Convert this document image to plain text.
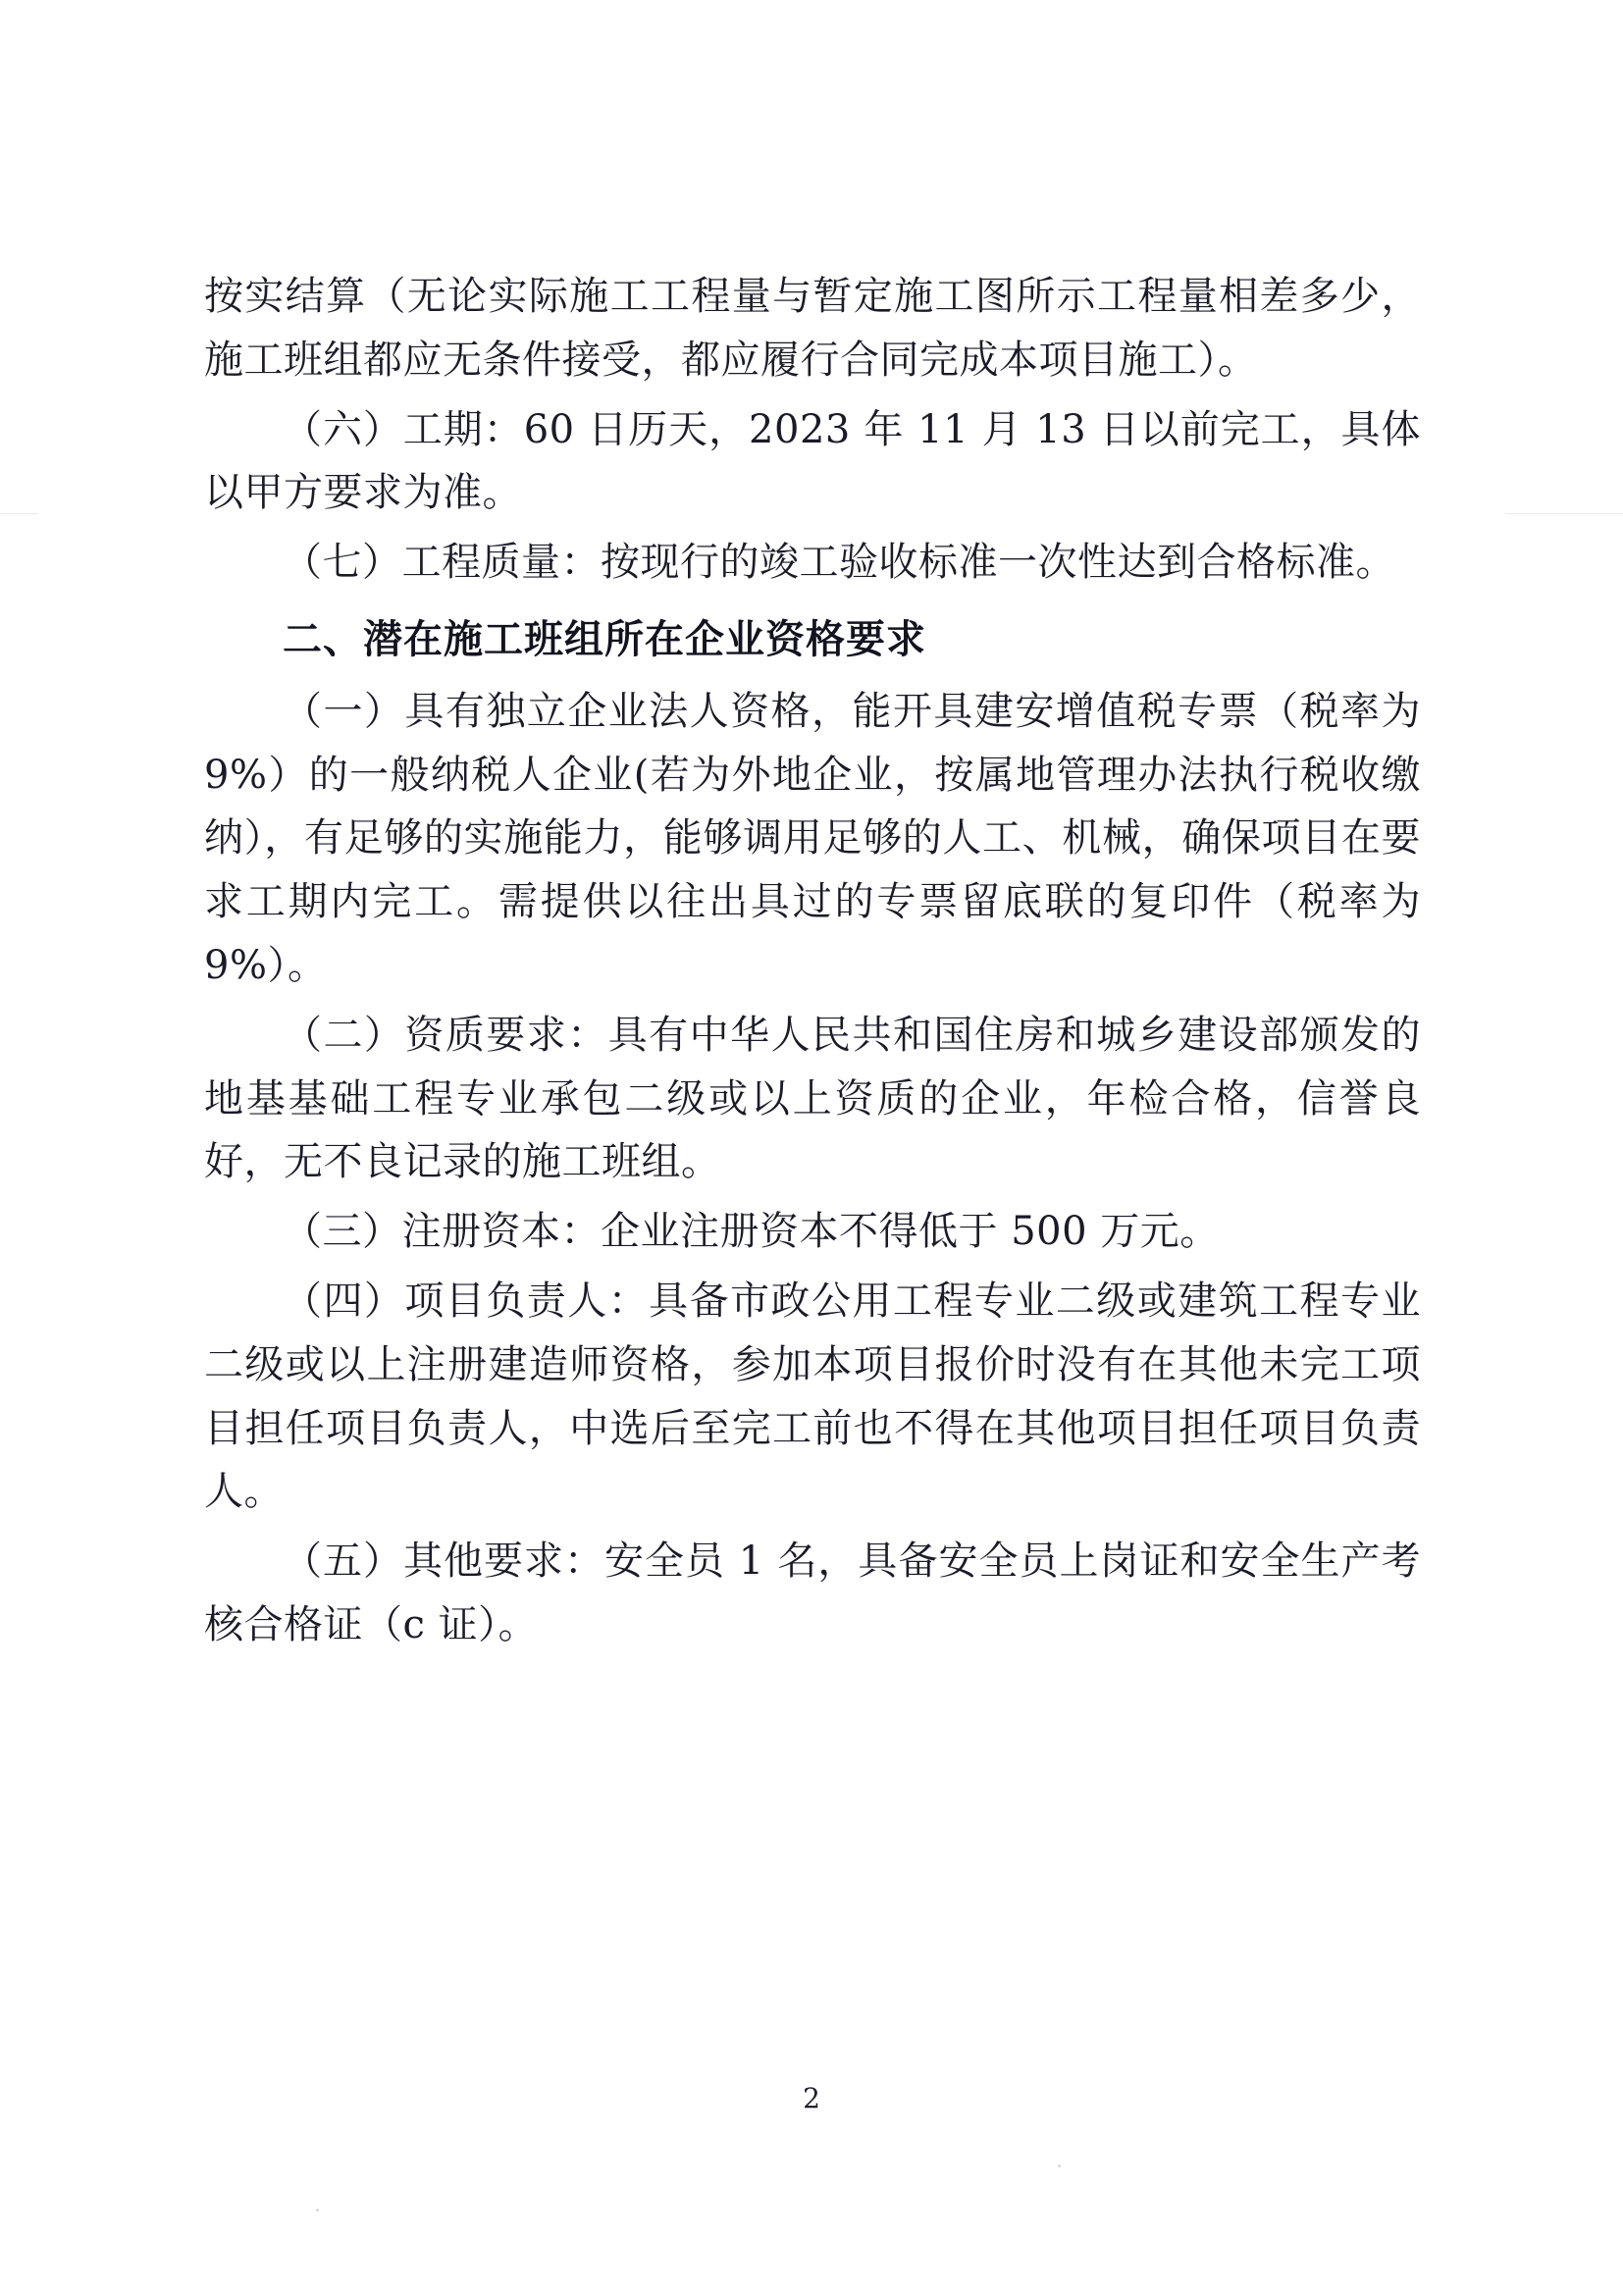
按实结算（无论实际施工工程量与暂定施工图所示工程量相差多少，施工班组都应无条件接受，都应履行合同完成本项目施工）。

（六）工期：60 日历天，2023 年 11 月 13 日以前完工，具体以甲方要求为准。

（七）工程质量：按现行的竣工验收标准一次性达到合格标准。

二、潜在施工班组所在企业资格要求

（一）具有独立企业法人资格，能开具建安增值税专票（税率为 9%）的一般纳税人企业(若为外地企业，按属地管理办法执行税收缴纳），有足够的实施能力，能够调用足够的人工、机械，确保项目在要求工期内完工。需提供以往出具过的专票留底联的复印件（税率为 9%）。

（二）资质要求：具有中华人民共和国住房和城乡建设部颁发的地基基础工程专业承包二级或以上资质的企业，年检合格，信誉良好，无不良记录的施工班组。

（三）注册资本：企业注册资本不得低于 500 万元。

（四）项目负责人：具备市政公用工程专业二级或建筑工程专业二级或以上注册建造师资格，参加本项目报价时没有在其他未完工项目担任项目负责人，中选后至完工前也不得在其他项目担任项目负责人。

（五）其他要求：安全员 1 名，具备安全员上岗证和安全生产考核合格证（c 证）。

2
